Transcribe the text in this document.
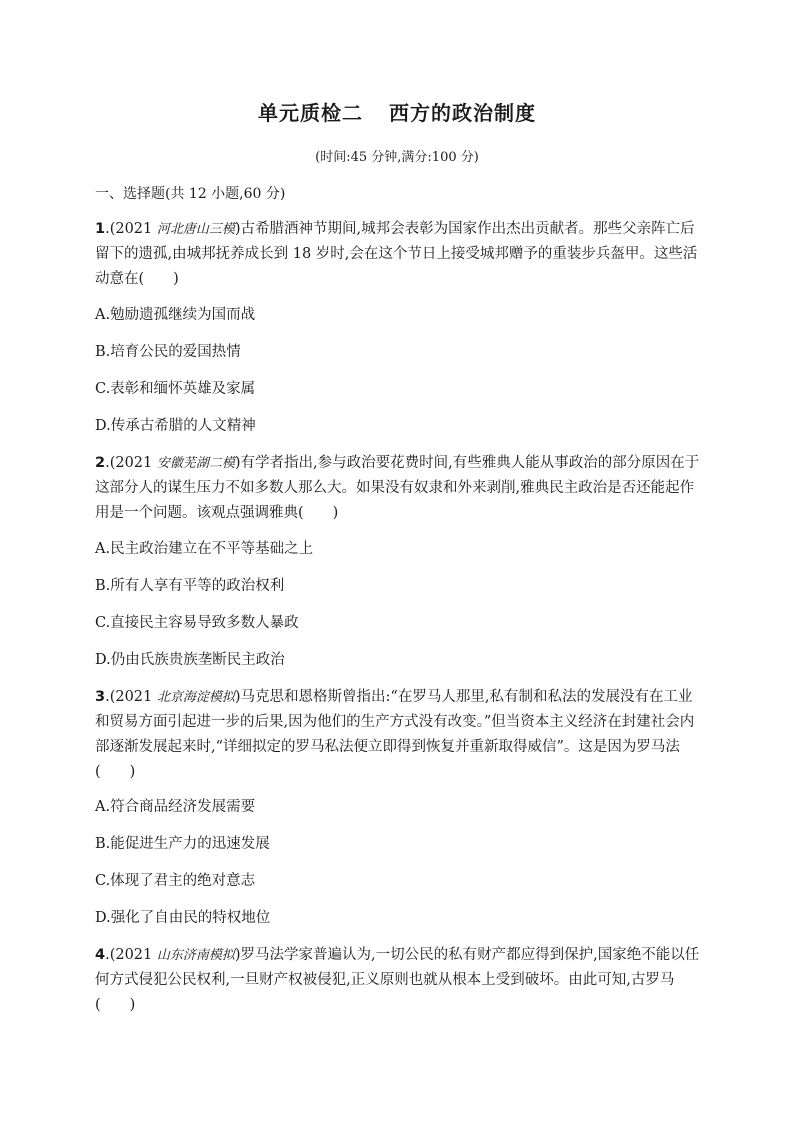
单元质检二 西方的政治制度
(时间:45 分钟,满分:100 分)
一、选择题(共 12 小题,60 分)

1.(2021 河北唐山三模)古希腊酒神节期间,城邦会表彰为国家作出杰出贡献者。那些父亲阵亡后留下的遗孤,由城邦抚养成长到 18 岁时,会在这个节日上接受城邦赠予的重装步兵盔甲。这些活动意在(　　)

A.勉励遗孤继续为国而战

B.培育公民的爱国热情

C.表彰和缅怀英雄及家属

D.传承古希腊的人文精神

2.(2021 安徽芜湖二模)有学者指出,参与政治要花费时间,有些雅典人能从事政治的部分原因在于这部分人的谋生压力不如多数人那么大。如果没有奴隶和外来剥削,雅典民主政治是否还能起作用是一个问题。该观点强调雅典(　　)

A.民主政治建立在不平等基础之上

B.所有人享有平等的政治权利

C.直接民主容易导致多数人暴政

D.仍由氏族贵族垄断民主政治

3.(2021 北京海淀模拟)马克思和恩格斯曾指出:“在罗马人那里,私有制和私法的发展没有在工业和贸易方面引起进一步的后果,因为他们的生产方式没有改变。”但当资本主义经济在封建社会内部逐渐发展起来时,“详细拟定的罗马私法便立即得到恢复并重新取得威信”。这是因为罗马法(　　)

A.符合商品经济发展需要

B.能促进生产力的迅速发展

C.体现了君主的绝对意志

D.强化了自由民的特权地位

4.(2021 山东济南模拟)罗马法学家普遍认为,一切公民的私有财产都应得到保护,国家绝不能以任何方式侵犯公民权利,一旦财产权被侵犯,正义原则也就从根本上受到破坏。由此可知,古罗马(　　)
